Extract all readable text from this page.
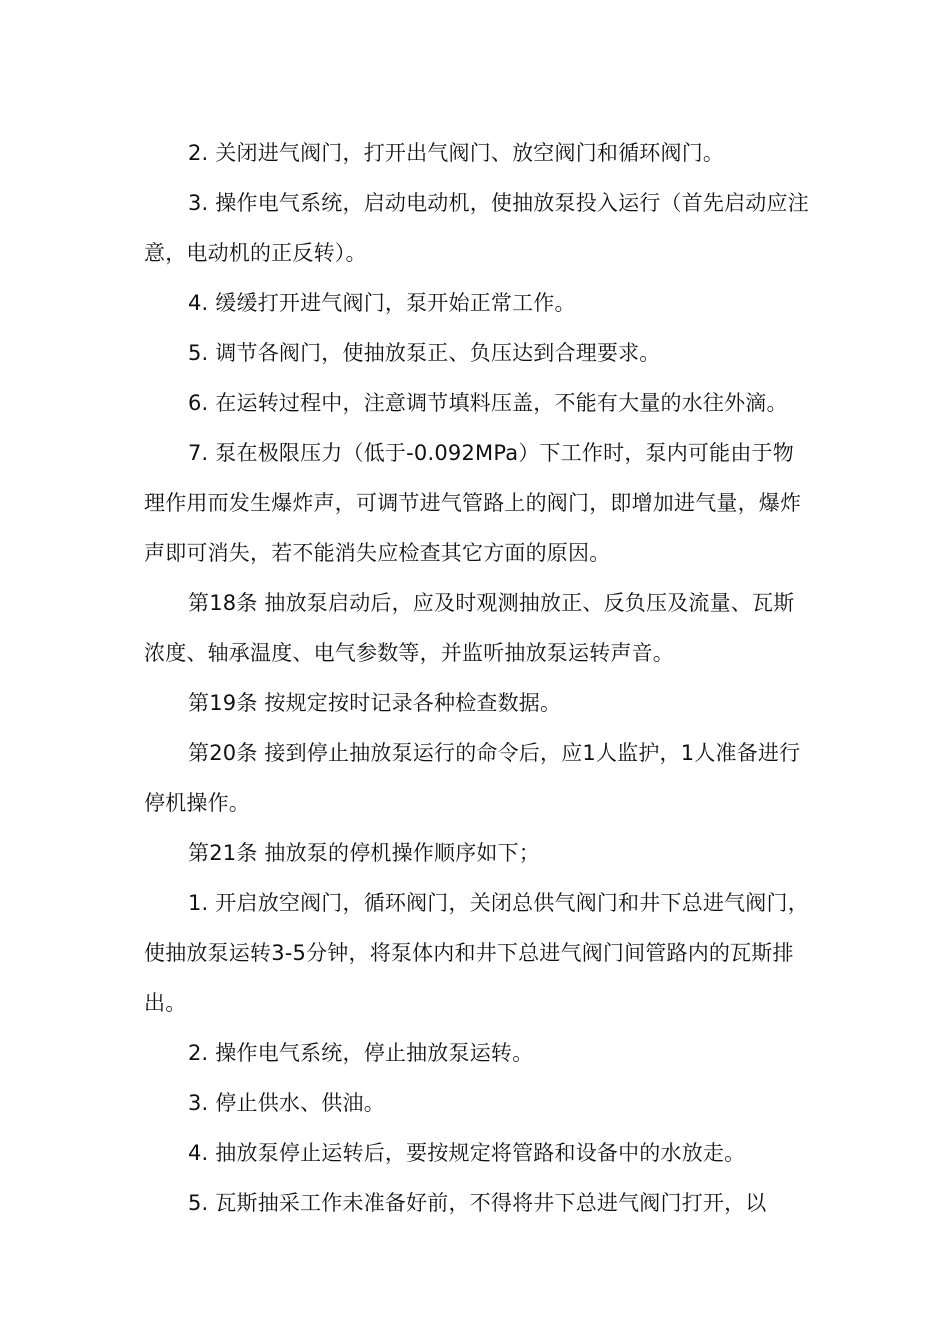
2. 关闭进气阀门，打开出气阀门、放空阀门和循环阀门。

3. 操作电气系统，启动电动机，使抽放泵投入运行（首先启动应注意，电动机的正反转）。

4. 缓缓打开进气阀门，泵开始正常工作。

5. 调节各阀门，使抽放泵正、负压达到合理要求。

6. 在运转过程中，注意调节填料压盖，不能有大量的水往外滴。

7. 泵在极限压力（低于-0.092MPa）下工作时，泵内可能由于物理作用而发生爆炸声，可调节进气管路上的阀门，即增加进气量，爆炸声即可消失，若不能消失应检查其它方面的原因。

第18条 抽放泵启动后，应及时观测抽放正、反负压及流量、瓦斯浓度、轴承温度、电气参数等，并监听抽放泵运转声音。

第19条 按规定按时记录各种检查数据。

第20条 接到停止抽放泵运行的命令后，应1人监护，1人准备进行停机操作。

第21条 抽放泵的停机操作顺序如下；

1. 开启放空阀门，循环阀门，关闭总供气阀门和井下总进气阀门，使抽放泵运转3-5分钟，将泵体内和井下总进气阀门间管路内的瓦斯排出。

2. 操作电气系统，停止抽放泵运转。

3. 停止供水、供油。

4. 抽放泵停止运转后，要按规定将管路和设备中的水放走。

5. 瓦斯抽采工作未准备好前，不得将井下总进气阀门打开，以
